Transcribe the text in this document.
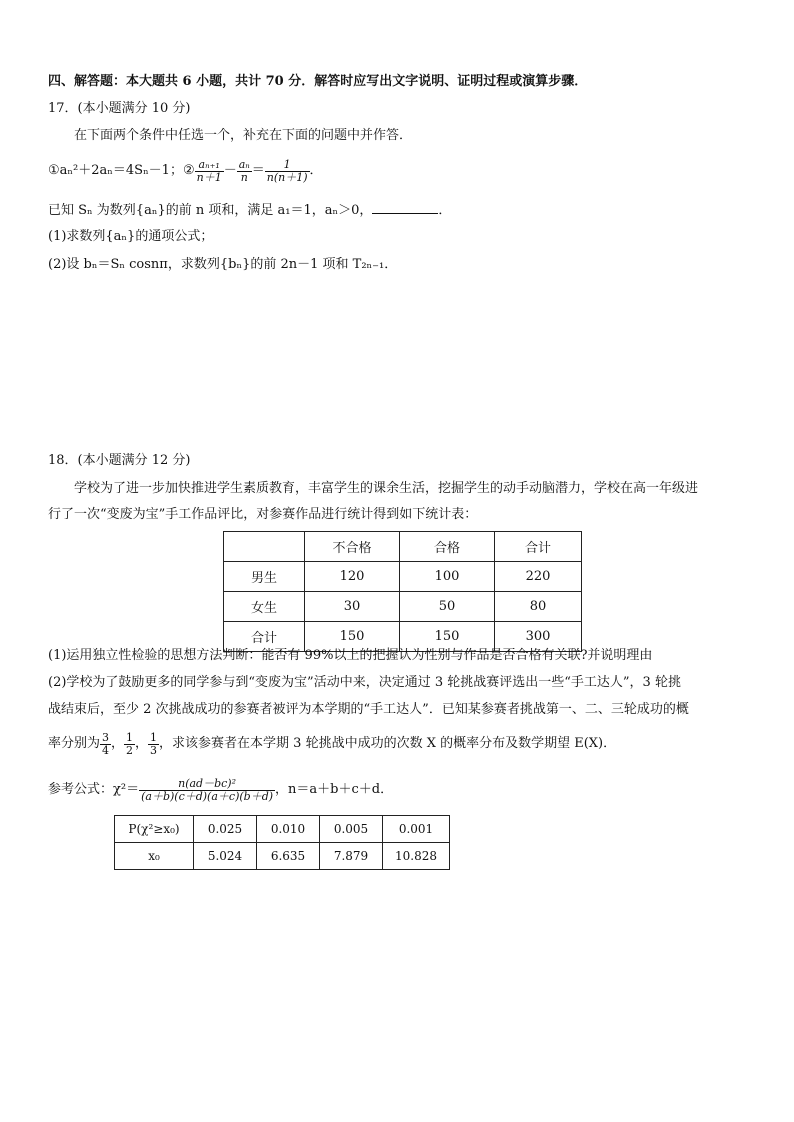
四、解答题：本大题共 6 小题，共计 70 分．解答时应写出文字说明、证明过程或演算步骤．
17．(本小题满分 10 分)
在下面两个条件中任选一个，补充在下面的问题中并作答．
①aₙ²＋2aₙ＝4Sₙ－1； ② $\frac{\text{aₙ₊₁}}{n+1} - \frac{\text{aₙ}}{n} = \frac{1}{n(n+1)}$ ．
已知 Sₙ 为数列{aₙ}的前 n 项和，满足 a₁＝1，aₙ＞0，	．
(1)求数列{aₙ}的通项公式；
(2)设 bₙ＝Sₙ cosnπ，求数列{bₙ}的前 2n－1 项和 T₂ₙ₋₁．
18．(本小题满分 12 分)
学校为了进一步加快推进学生素质教育，丰富学生的课余生活，挖掘学生的动手动脑潜力，学校在高一年级进
行了一次“变废为宝”手工作品评比，对参赛作品进行统计得到如下统计表：
	不合格	合格	合计
男生	120	100	220
女生	30	50	80
合计	150	150	300
(1)运用独立性检验的思想方法判断：能否有 99%以上的把握认为性别与作品是否合格有关联?并说明理由
(2)学校为了鼓励更多的同学参与到“变废为宝”活动中来，决定通过 3 轮挑战赛评选出一些“手工达人”，3 轮挑
战结束后，至少 2 次挑战成功的参赛者被评为本学期的“手工达人”．已知某参赛者挑战第一、二、三轮成功的概
率分别为 $\frac{3}{4}$ ， $\frac{1}{2}$ ， $\frac{1}{3}$ ，求该参赛者在本学期 3 轮挑战中成功的次数 X 的概率分布及数学期望 E(X)．
参考公式：$\chi^2= \frac{\text{n(ad－bc)²}}{(a+b)(c+d)(a+c)(b+d)}$ ，n＝a＋b＋c＋d．
P(χ²≥x₀)	0.025	0.010	0.005	0.001
x₀	5.024	6.635	7.879	10.828
